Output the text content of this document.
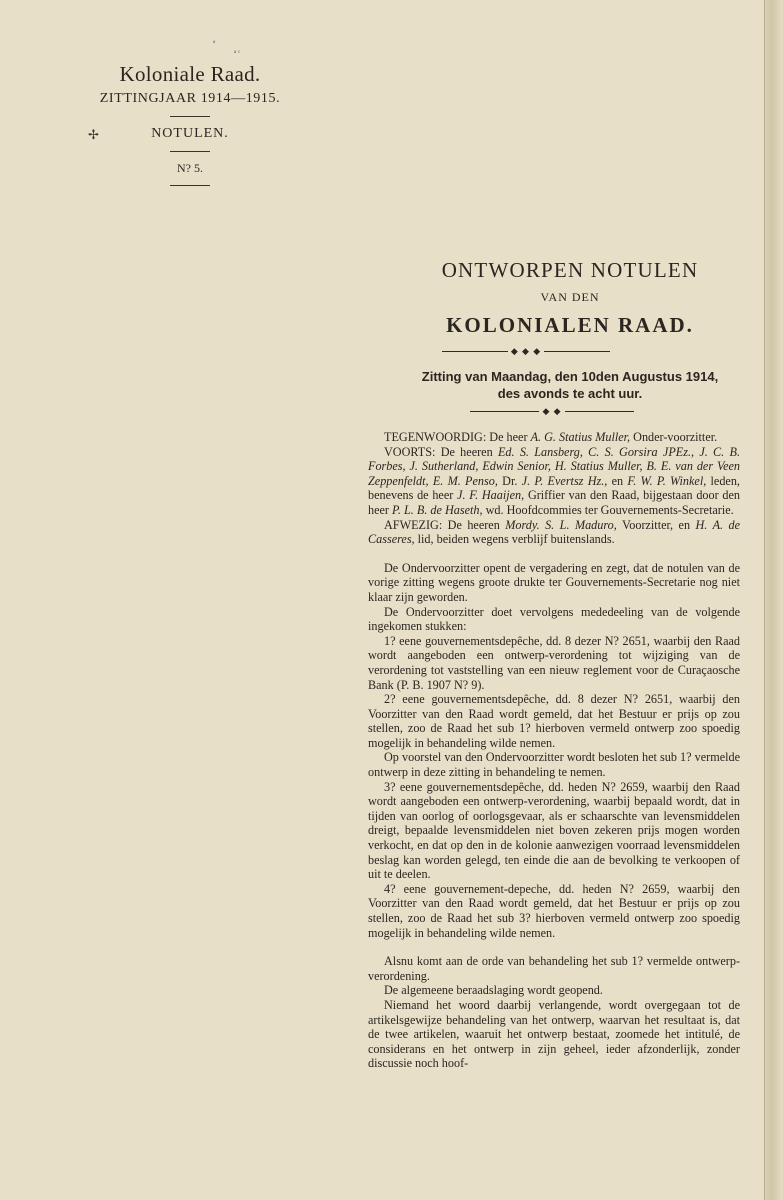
ᵃ
ᵃ ᵗ

Koloniale Raad.

ZITTINGJAAR 1914—1915.

✢	NOTULEN.

N? 5.

ONTWORPEN NOTULEN

VAN DEN

KOLONIALEN RAAD.

◆ ◆ ◆
Zitting van Maandag, den 10den Augustus 1914,
des avonds te acht uur.
◆ ◆

TEGENWOORDIG: De heer A. G. Statius Muller, Onder-voorzitter.

VOORTS: De heeren Ed. S. Lansberg, C. S. Gorsira JPEz., J. C. B. Forbes, J. Sutherland, Edwin Senior, H. Statius Muller, B. E. van der Veen Zeppenfeldt, E. M. Penso, Dr. J. P. Evertsz Hz., en F. W. P. Winkel, leden, benevens de heer J. F. Haaijen, Griffier van den Raad, bijgestaan door den heer P. L. B. de Haseth, wd. Hoofdcommies ter Gouvernements-Secretarie.

AFWEZIG: De heeren Mordy. S. L. Maduro, Voorzitter, en H. A. de Casseres, lid, beiden wegens verblijf buitenslands.

De Ondervoorzitter opent de vergadering en zegt, dat de notulen van de vorige zitting wegens groote drukte ter Gouvernements-Secretarie nog niet klaar zijn geworden.

De Ondervoorzitter doet vervolgens mededeeling van de volgende ingekomen stukken:

1? eene gouvernementsdepêche, dd. 8 dezer N? 2651, waarbij den Raad wordt aangeboden een ontwerp-verordening tot wijziging van de verordening tot vaststelling van een nieuw reglement voor de Curaçaosche Bank (P. B. 1907 N? 9).

2? eene gouvernementsdepêche, dd. 8 dezer N? 2651, waarbij den Voorzitter van den Raad wordt gemeld, dat het Bestuur er prijs op zou stellen, zoo de Raad het sub 1? hierboven vermeld ontwerp zoo spoedig mogelijk in behandeling wilde nemen.

Op voorstel van den Ondervoorzitter wordt besloten het sub 1? vermelde ontwerp in deze zitting in behandeling te nemen.

3? eene gouvernementsdepêche, dd. heden N? 2659, waarbij den Raad wordt aangeboden een ontwerp-verordening, waarbij bepaald wordt, dat in tijden van oorlog of oorlogsgevaar, als er schaarschte van levensmiddelen dreigt, bepaalde levensmiddelen niet boven zekeren prijs mogen worden verkocht, en dat op den in de kolonie aanwezigen voorraad levensmiddelen beslag kan worden gelegd, ten einde die aan de bevolking te verkoopen of uit te deelen.

4? eene gouvernement-depeche, dd. heden N? 2659, waarbij den Voorzitter van den Raad wordt gemeld, dat het Bestuur er prijs op zou stellen, zoo de Raad het sub 3? hierboven vermeld ontwerp zoo spoedig mogelijk in behandeling wilde nemen.

Alsnu komt aan de orde van behandeling het sub 1? vermelde ontwerp-verordening.

De algemeene beraadslaging wordt geopend.

Niemand het woord daarbij verlangende, wordt overgegaan tot de artikelsgewijze behandeling van het ontwerp, waarvan het resultaat is, dat de twee artikelen, waaruit het ontwerp bestaat, zoomede het intitulé, de considerans en het ontwerp in zijn geheel, ieder afzonderlijk, zonder discussie noch hoof-
